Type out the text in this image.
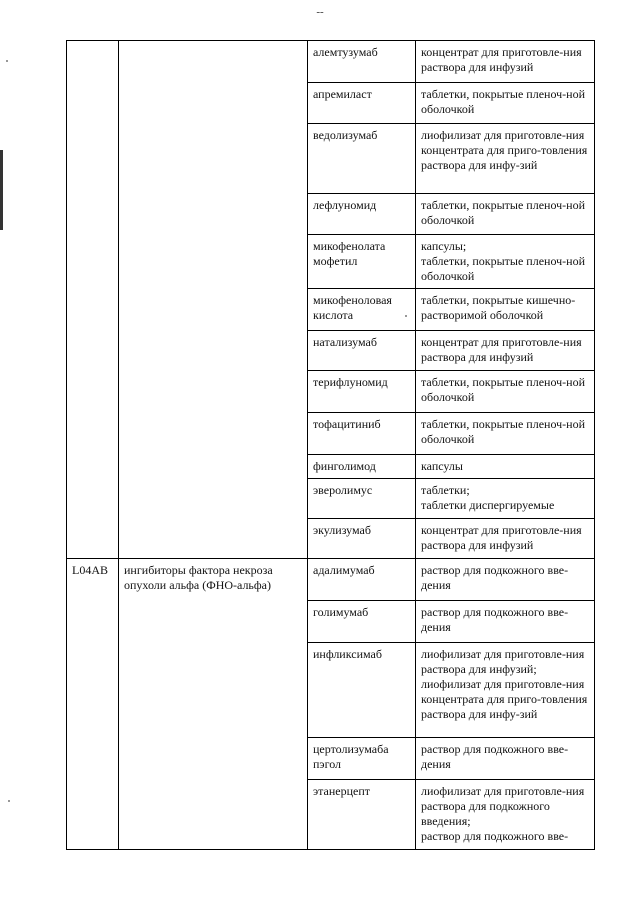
--
		алемтузумаб	концентрат для приготовле-ния раствора для инфузий

		апремиласт	таблетки, покрытые пленоч-ной оболочкой

		ведолизумаб	лиофилизат для приготовле-ния концентрата для приго-товления раствора для инфу-зий

		лефлуномид	таблетки, покрытые пленоч-ной оболочкой

		микофенолата мофетил	капсулы;
таблетки, покрытые пленоч-ной оболочкой

		микофеноловая кислота	таблетки, покрытые кишечно-растворимой оболочкой

		натализумаб	концентрат для приготовле-ния раствора для инфузий

		терифлуномид	таблетки, покрытые пленоч-ной оболочкой

		тофацитиниб	таблетки, покрытые пленоч-ной оболочкой

		финголимод	капсулы

		эверолимус	таблетки;
таблетки диспергируемые

		экулизумаб	концентрат для приготовле-ния раствора для инфузий

L04AB	ингибиторы фактора некроза опухоли альфа (ФНО-альфа)	адалимумаб	раствор для подкожного вве-дения

		голимумаб	раствор для подкожного вве-дения

		инфликсимаб	лиофилизат для приготовле-ния раствора для инфузий;
лиофилизат для приготовле-ния концентрата для приго-товления раствора для инфу-зий

		цертолизумаба пэгол	раствор для подкожного вве-дения

		этанерцепт	лиофилизат для приготовле-ния раствора для подкожного введения;
раствор для подкожного вве-
